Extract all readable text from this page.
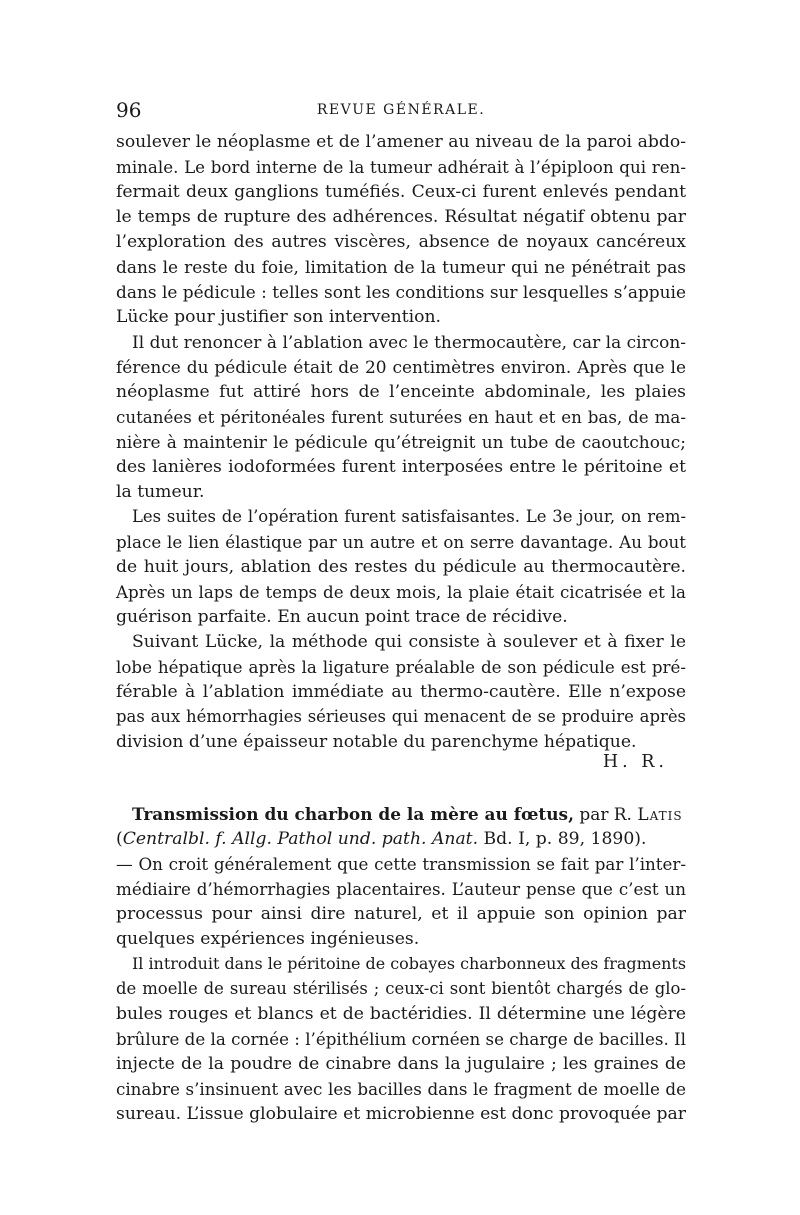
96	REVUE GÉNÉRALE.
soulever le néoplasme et de l’amener au niveau de la paroi abdo-
minale. Le bord interne de la tumeur adhérait à l’épiploon qui ren-
fermait deux ganglions tuméfiés. Ceux-ci furent enlevés pendant
le temps de rupture des adhérences. Résultat négatif obtenu par
l’exploration des autres viscères, absence de noyaux cancéreux
dans le reste du foie, limitation de la tumeur qui ne pénétrait pas
dans le pédicule : telles sont les conditions sur lesquelles s’appuie
Lücke pour justifier son intervention.
Il dut renoncer à l’ablation avec le thermocautère, car la circon-
férence du pédicule était de 20 centimètres environ. Après que le
néoplasme fut attiré hors de l’enceinte abdominale, les plaies
cutanées et péritonéales furent suturées en haut et en bas, de ma-
nière à maintenir le pédicule qu’étreignit un tube de caoutchouc;
des lanières iodoformées furent interposées entre le péritoine et
la tumeur.
Les suites de l’opération furent satisfaisantes. Le 3e jour, on rem-
place le lien élastique par un autre et on serre davantage. Au bout
de huit jours, ablation des restes du pédicule au thermocautère.
Après un laps de temps de deux mois, la plaie était cicatrisée et la
guérison parfaite. En aucun point trace de récidive.
Suivant Lücke, la méthode qui consiste à soulever et à fixer le
lobe hépatique après la ligature préalable de son pédicule est pré-
férable à l’ablation immédiate au thermo-cautère. Elle n’expose
pas aux hémorrhagies sérieuses qui menacent de se produire après
division d’une épaisseur notable du parenchyme hépatique.
H. R.
Transmission du charbon de la mère au fœtus, par R. Latis
(Centralbl. f. Allg. Pathol und. path. Anat. Bd. I, p. 89, 1890).
— On croit généralement que cette transmission se fait par l’inter-
médiaire d’hémorrhagies placentaires. L’auteur pense que c’est un
processus pour ainsi dire naturel, et il appuie son opinion par
quelques expériences ingénieuses.
Il introduit dans le péritoine de cobayes charbonneux des fragments
de moelle de sureau stérilisés ; ceux-ci sont bientôt chargés de glo-
bules rouges et blancs et de bactéridies. Il détermine une légère
brûlure de la cornée : l’épithélium cornéen se charge de bacilles. Il
injecte de la poudre de cinabre dans la jugulaire ; les graines de
cinabre s’insinuent avec les bacilles dans le fragment de moelle de
sureau. L’issue globulaire et microbienne est donc provoquée par
